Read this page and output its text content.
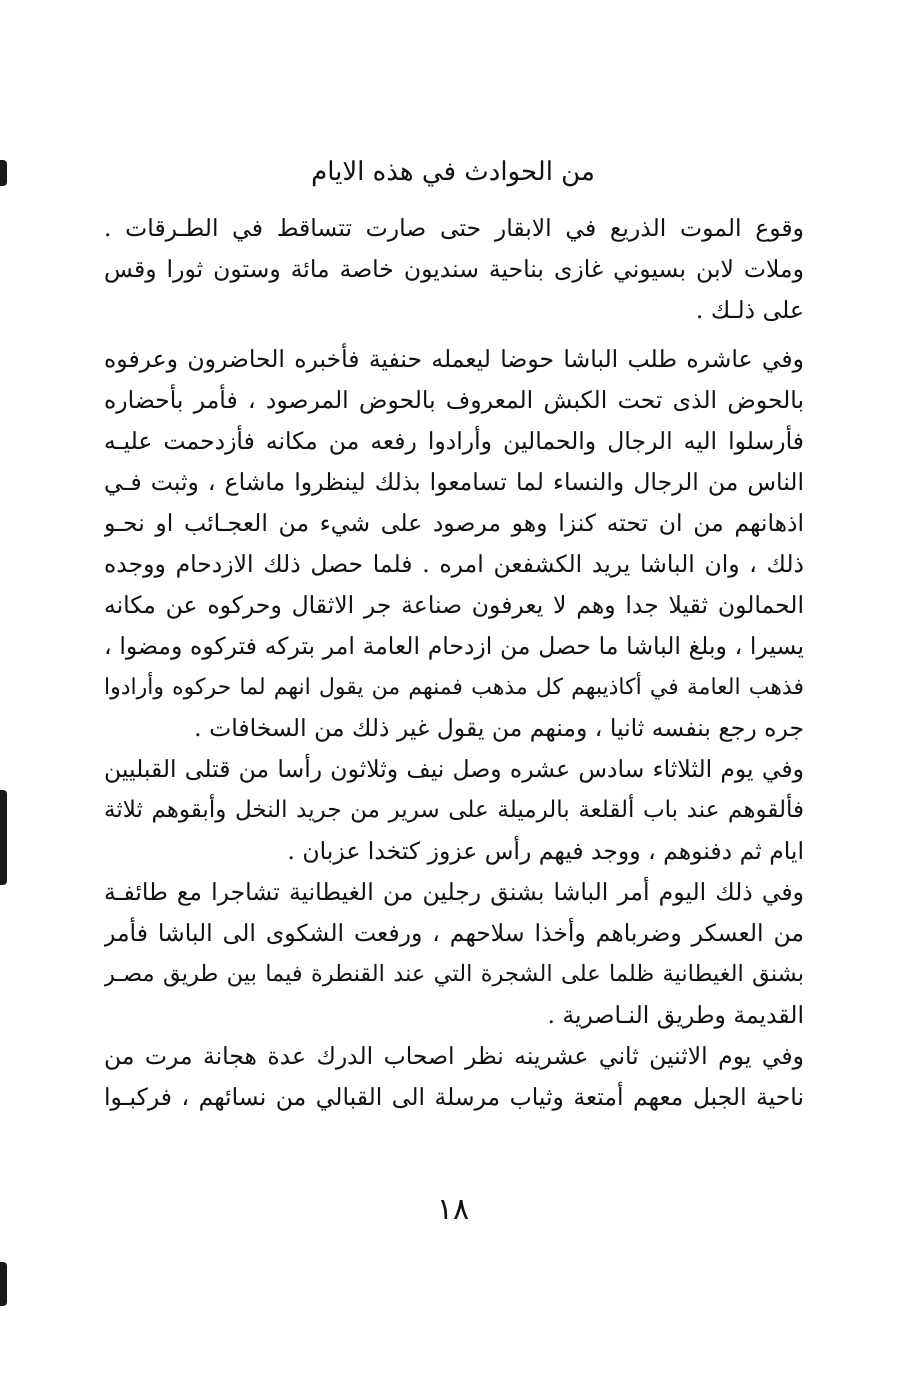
من الحوادث في هذه الايام
وقوع الموت الذريع في الابقار حتى صارت تتساقط في الطـرقات .
وملات لابن بسيوني غازى بناحية سنديون خاصة مائة وستون ثورا وقس
على ذلـك .
وفي عاشره طلب الباشا حوضا ليعمله حنفية فأخبره الحاضرون وعرفوه
بالحوض الذى تحت الكبش المعروف بالحوض المرصود ، فأمر بأحضاره
فأرسلوا اليه الرجال والحمالين وأرادوا رفعه من مكانه فأزدحمت عليـه
الناس من الرجال والنساء لما تسامعوا بذلك لينظروا ماشاع ، وثبت فـي
اذهانهم من ان تحته كنزا وهو مرصود على شيء من العجـائب او نحـو
ذلك ، وان الباشا يريد الكشفعن امره . فلما حصل ذلك الازدحام ووجده
الحمالون ثقيلا جدا وهم لا يعرفون صناعة جر الاثقال وحركوه عن مكانه
يسيرا ، وبلغ الباشا ما حصل من ازدحام العامة امر بتركه فتركوه ومضوا ،
فذهب العامة في أكاذيبهم كل مذهب فمنهم من يقول انهم لما حركوه وأرادوا
جره رجع بنفسه ثانيا ، ومنهم من يقول غير ذلك من السخافات .
وفي يوم الثلاثاء سادس عشره وصل نيف وثلاثون رأسا من قتلى القبليين
فألقوهم عند باب ألقلعة بالرميلة على سرير من جريد النخل وأبقوهم ثلاثة
ايام ثم دفنوهم ، ووجد فيهم رأس عزوز كتخدا عزبان .
وفي ذلك اليوم أمر الباشا بشنق رجلين من الغيطانية تشاجرا مع طائفـة
من العسكر وضرباهم وأخذا سلاحهم ، ورفعت الشكوى الى الباشا فأمر
بشنق الغيطانية ظلما على الشجرة التي عند القنطرة فيما بين طريق مصـر
القديمة وطريق النـاصرية .
وفي يوم الاثنين ثاني عشرينه نظر اصحاب الدرك عدة هجانة مرت من
ناحية الجبل معهم أمتعة وثياب مرسلة الى القبالي من نسائهم ، فركبـوا
١٨
